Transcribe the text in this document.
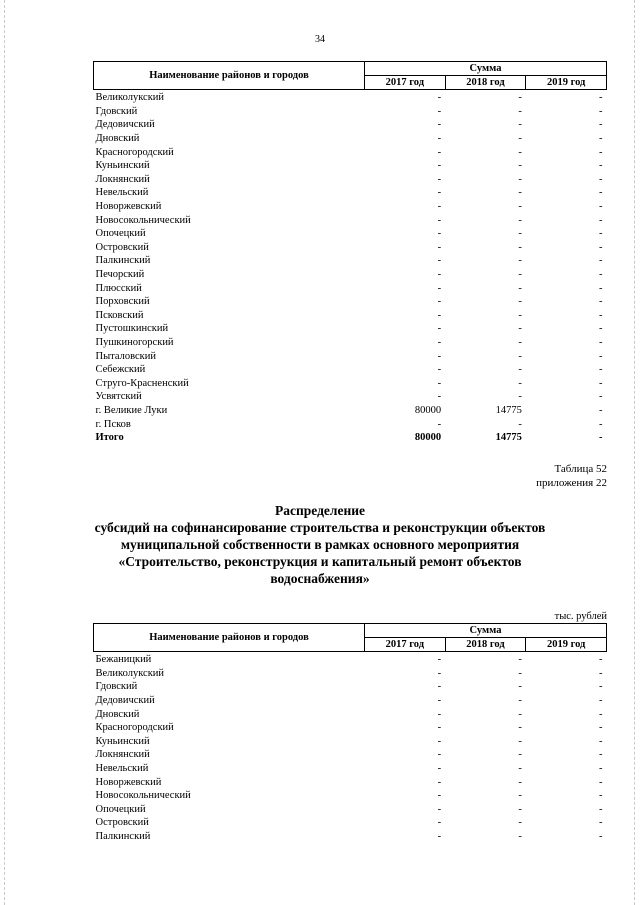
34
Наименование районов и городов	Сумма		
	2017 год	2018 год	2019 год
Великолукский	-	-	-
Гдовский	-	-	-
Дедовичский	-	-	-
Дновский	-	-	-
Красногородский	-	-	-
Куньинский	-	-	-
Локнянский	-	-	-
Невельский	-	-	-
Новоржевский	-	-	-
Новосокольнический	-	-	-
Опочецкий	-	-	-
Островский	-	-	-
Палкинский	-	-	-
Печорский	-	-	-
Плюсский	-	-	-
Порховский	-	-	-
Псковский	-	-	-
Пустошкинский	-	-	-
Пушкиногорский	-	-	-
Пыталовский	-	-	-
Себежский	-	-	-
Струго-Красненский	-	-	-
Усвятский	-	-	-
г. Великие Луки	80000	14775	-
г. Псков	-	-	-
Итого	80000	14775	-
Таблица 52
приложения 22
Распределение
субсидий на софинансирование строительства и реконструкции объектов
муниципальной собственности в рамках основного мероприятия
«Строительство, реконструкция и капитальный ремонт объектов
водоснабжения»
тыс. рублей
Наименование районов и городов	Сумма		
	2017 год	2018 год	2019 год
Бежаницкий	-	-	-
Великолукский	-	-	-
Гдовский	-	-	-
Дедовичский	-	-	-
Дновский	-	-	-
Красногородский	-	-	-
Куньинский	-	-	-
Локнянский	-	-	-
Невельский	-	-	-
Новоржевский	-	-	-
Новосокольнический	-	-	-
Опочецкий	-	-	-
Островский	-	-	-
Палкинский	-	-	-
